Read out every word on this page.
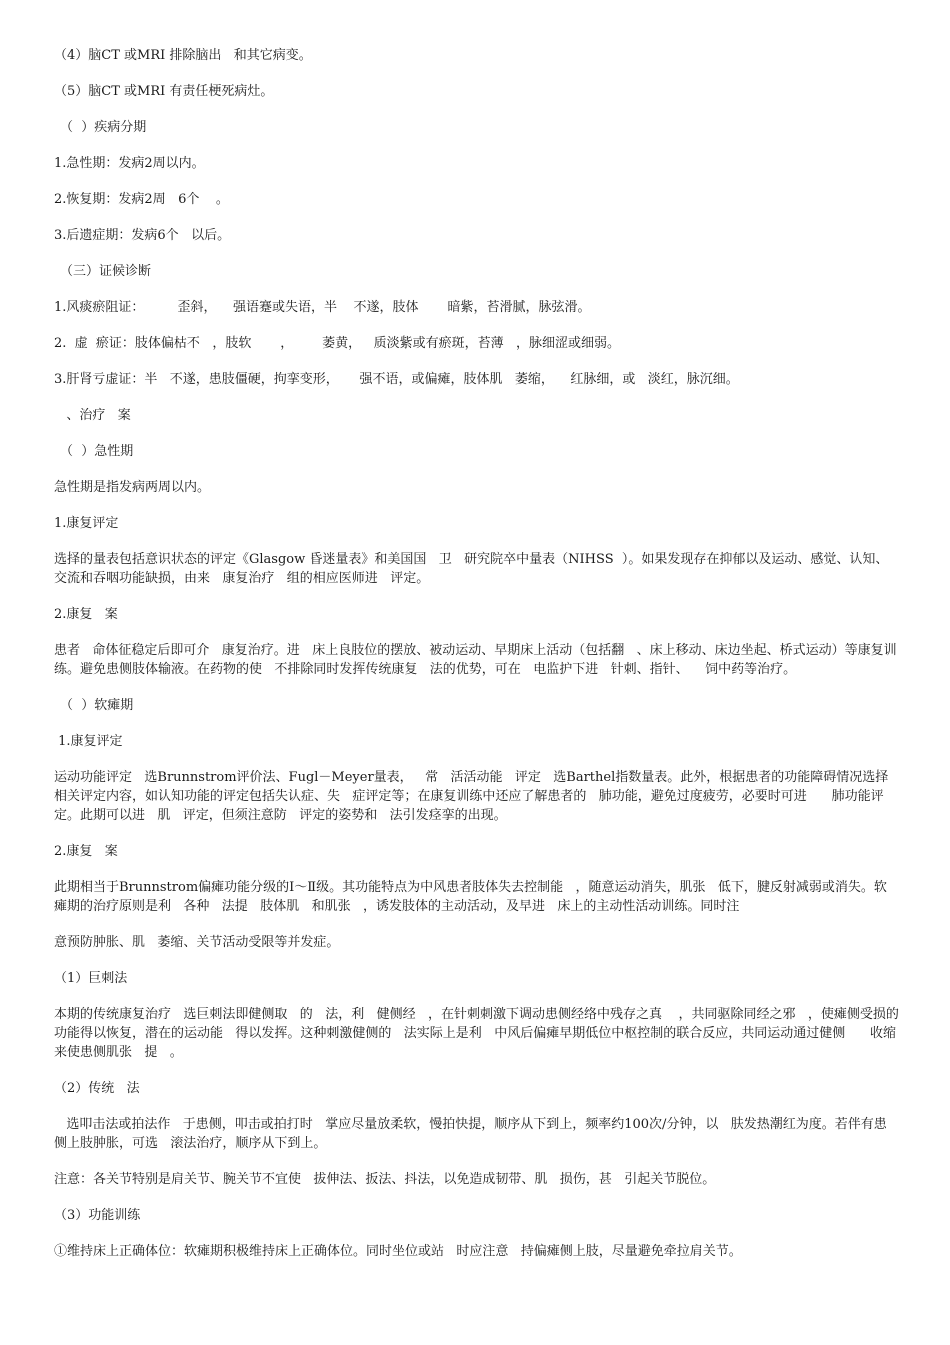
（4）脑CT 或MRI 排除脑出   和其它病变。

（5）脑CT 或MRI 有责任梗死病灶。

（  ）疾病分期

1.急性期：发病2周以内。

2.恢复期：发病2周   6个    。

3.后遗症期：发病6个   以后。

（三）证候诊断

1.风痰瘀阻证：        歪斜，    强语蹇或失语，半    不遂，肢体       暗紫，苔滑腻，脉弦滑。

2.  虚  瘀证：肢体偏枯不   ，肢软       ，       萎黄，   质淡紫或有瘀斑，苔薄   ，脉细涩或细弱。

3.肝肾亏虚证：半   不遂，患肢僵硬，拘挛变形，     强不语，或偏瘫，肢体肌   萎缩，    红脉细，或   淡红，脉沉细。

、治疗   案

（  ）急性期

急性期是指发病两周以内。

1.康复评定

选择的量表包括意识状态的评定《Glasgow 昏迷量表》和美国国   卫   研究院卒中量表（NIHSS  ）。如果发现存在抑郁以及运动、感觉、认知、交流和吞咽功能缺损，由来   康复治疗   组的相应医师进   评定。

2.康复   案

患者   命体征稳定后即可介   康复治疗。进   床上良肢位的摆放、被动运动、早期床上活动（包括翻   、床上移动、床边坐起、桥式运动）等康复训练。避免患侧肢体输液。在药物的使   不排除同时发挥传统康复   法的优势，可在   电监护下进   针刺、指针、    饲中药等治疗。

（  ）软瘫期

1.康复评定

运动功能评定   选Brunnstrom评价法、Fugl－Meyer量表，   常   活活动能   评定   选Barthel指数量表。此外，根据患者的功能障碍情况选择相关评定内容，如认知功能的评定包括失认症、失   症评定等；在康复训练中还应了解患者的   肺功能，避免过度疲劳，必要时可进      肺功能评定。此期可以进   肌   评定，但须注意防   评定的姿势和   法引发痉挛的出现。

2.康复   案

此期相当于Brunnstrom偏瘫功能分级的Ⅰ～Ⅱ级。其功能特点为中风患者肢体失去控制能   ，随意运动消失，肌张   低下，腱反射减弱或消失。软瘫期的治疗原则是利   各种   法提   肢体肌   和肌张   ，诱发肢体的主动活动，及早进   床上的主动性活动训练。同时注

意预防肿胀、肌   萎缩、关节活动受限等并发症。

（1）巨刺法

本期的传统康复治疗   选巨刺法即健侧取   的   法，利   健侧经   ，在针刺刺激下调动患侧经络中残存之真    ，共同驱除同经之邪   ，使瘫侧受损的功能得以恢复，潜在的运动能   得以发挥。这种刺激健侧的   法实际上是利   中风后偏瘫早期低位中枢控制的联合反应，共同运动通过健侧      收缩来使患侧肌张   提   。

（2）传统   法

选叩击法或拍法作   于患侧，叩击或拍打时   掌应尽量放柔软，慢拍快提，顺序从下到上，频率约100次/分钟，以   肤发热潮红为度。若伴有患侧上肢肿胀，可选   滚法治疗，顺序从下到上。

注意：各关节特别是肩关节、腕关节不宜使   拔伸法、扳法、抖法，以免造成韧带、肌   损伤，甚   引起关节脱位。

（3）功能训练

①维持床上正确体位：软瘫期积极维持床上正确体位。同时坐位或站   时应注意   持偏瘫侧上肢，尽量避免牵拉肩关节。
